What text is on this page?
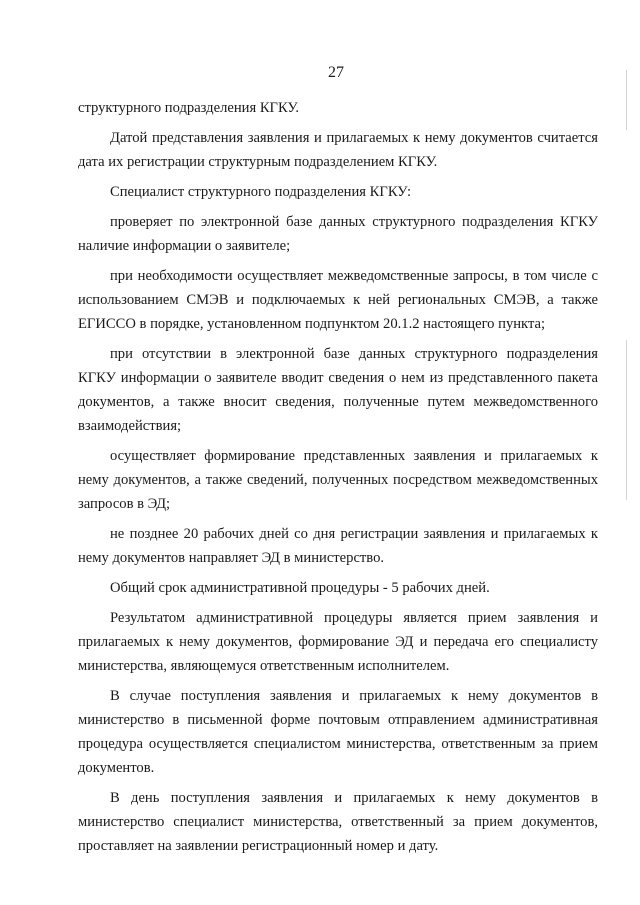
27

структурного подразделения КГКУ.

Датой представления заявления и прилагаемых к нему документов считается дата их регистрации структурным подразделением КГКУ.

Специалист структурного подразделения КГКУ:

проверяет по электронной базе данных структурного подразделения КГКУ наличие информации о заявителе;

при необходимости осуществляет межведомственные запросы, в том числе с использованием СМЭВ и подключаемых к ней региональных СМЭВ, а также ЕГИССО в порядке, установленном подпунктом 20.1.2 настоящего пункта;

при отсутствии в электронной базе данных структурного подразделения КГКУ информации о заявителе вводит сведения о нем из представленного пакета документов, а также вносит сведения, полученные путем межведомственного взаимодействия;

осуществляет формирование представленных заявления и прилагаемых к нему документов, а также сведений, полученных посредством межведомственных запросов в ЭД;

не позднее 20 рабочих дней со дня регистрации заявления и прилагаемых к нему документов направляет ЭД в министерство.

Общий срок административной процедуры - 5 рабочих дней.

Результатом административной процедуры является прием заявления и прилагаемых к нему документов, формирование ЭД и передача его специалисту министерства, являющемуся ответственным исполнителем.

В случае поступления заявления и прилагаемых к нему документов в министерство в письменной форме почтовым отправлением административная процедура осуществляется специалистом министерства, ответственным за прием документов.

В день поступления заявления и прилагаемых к нему документов в министерство специалист министерства, ответственный за прием документов, проставляет на заявлении регистрационный номер и дату.
